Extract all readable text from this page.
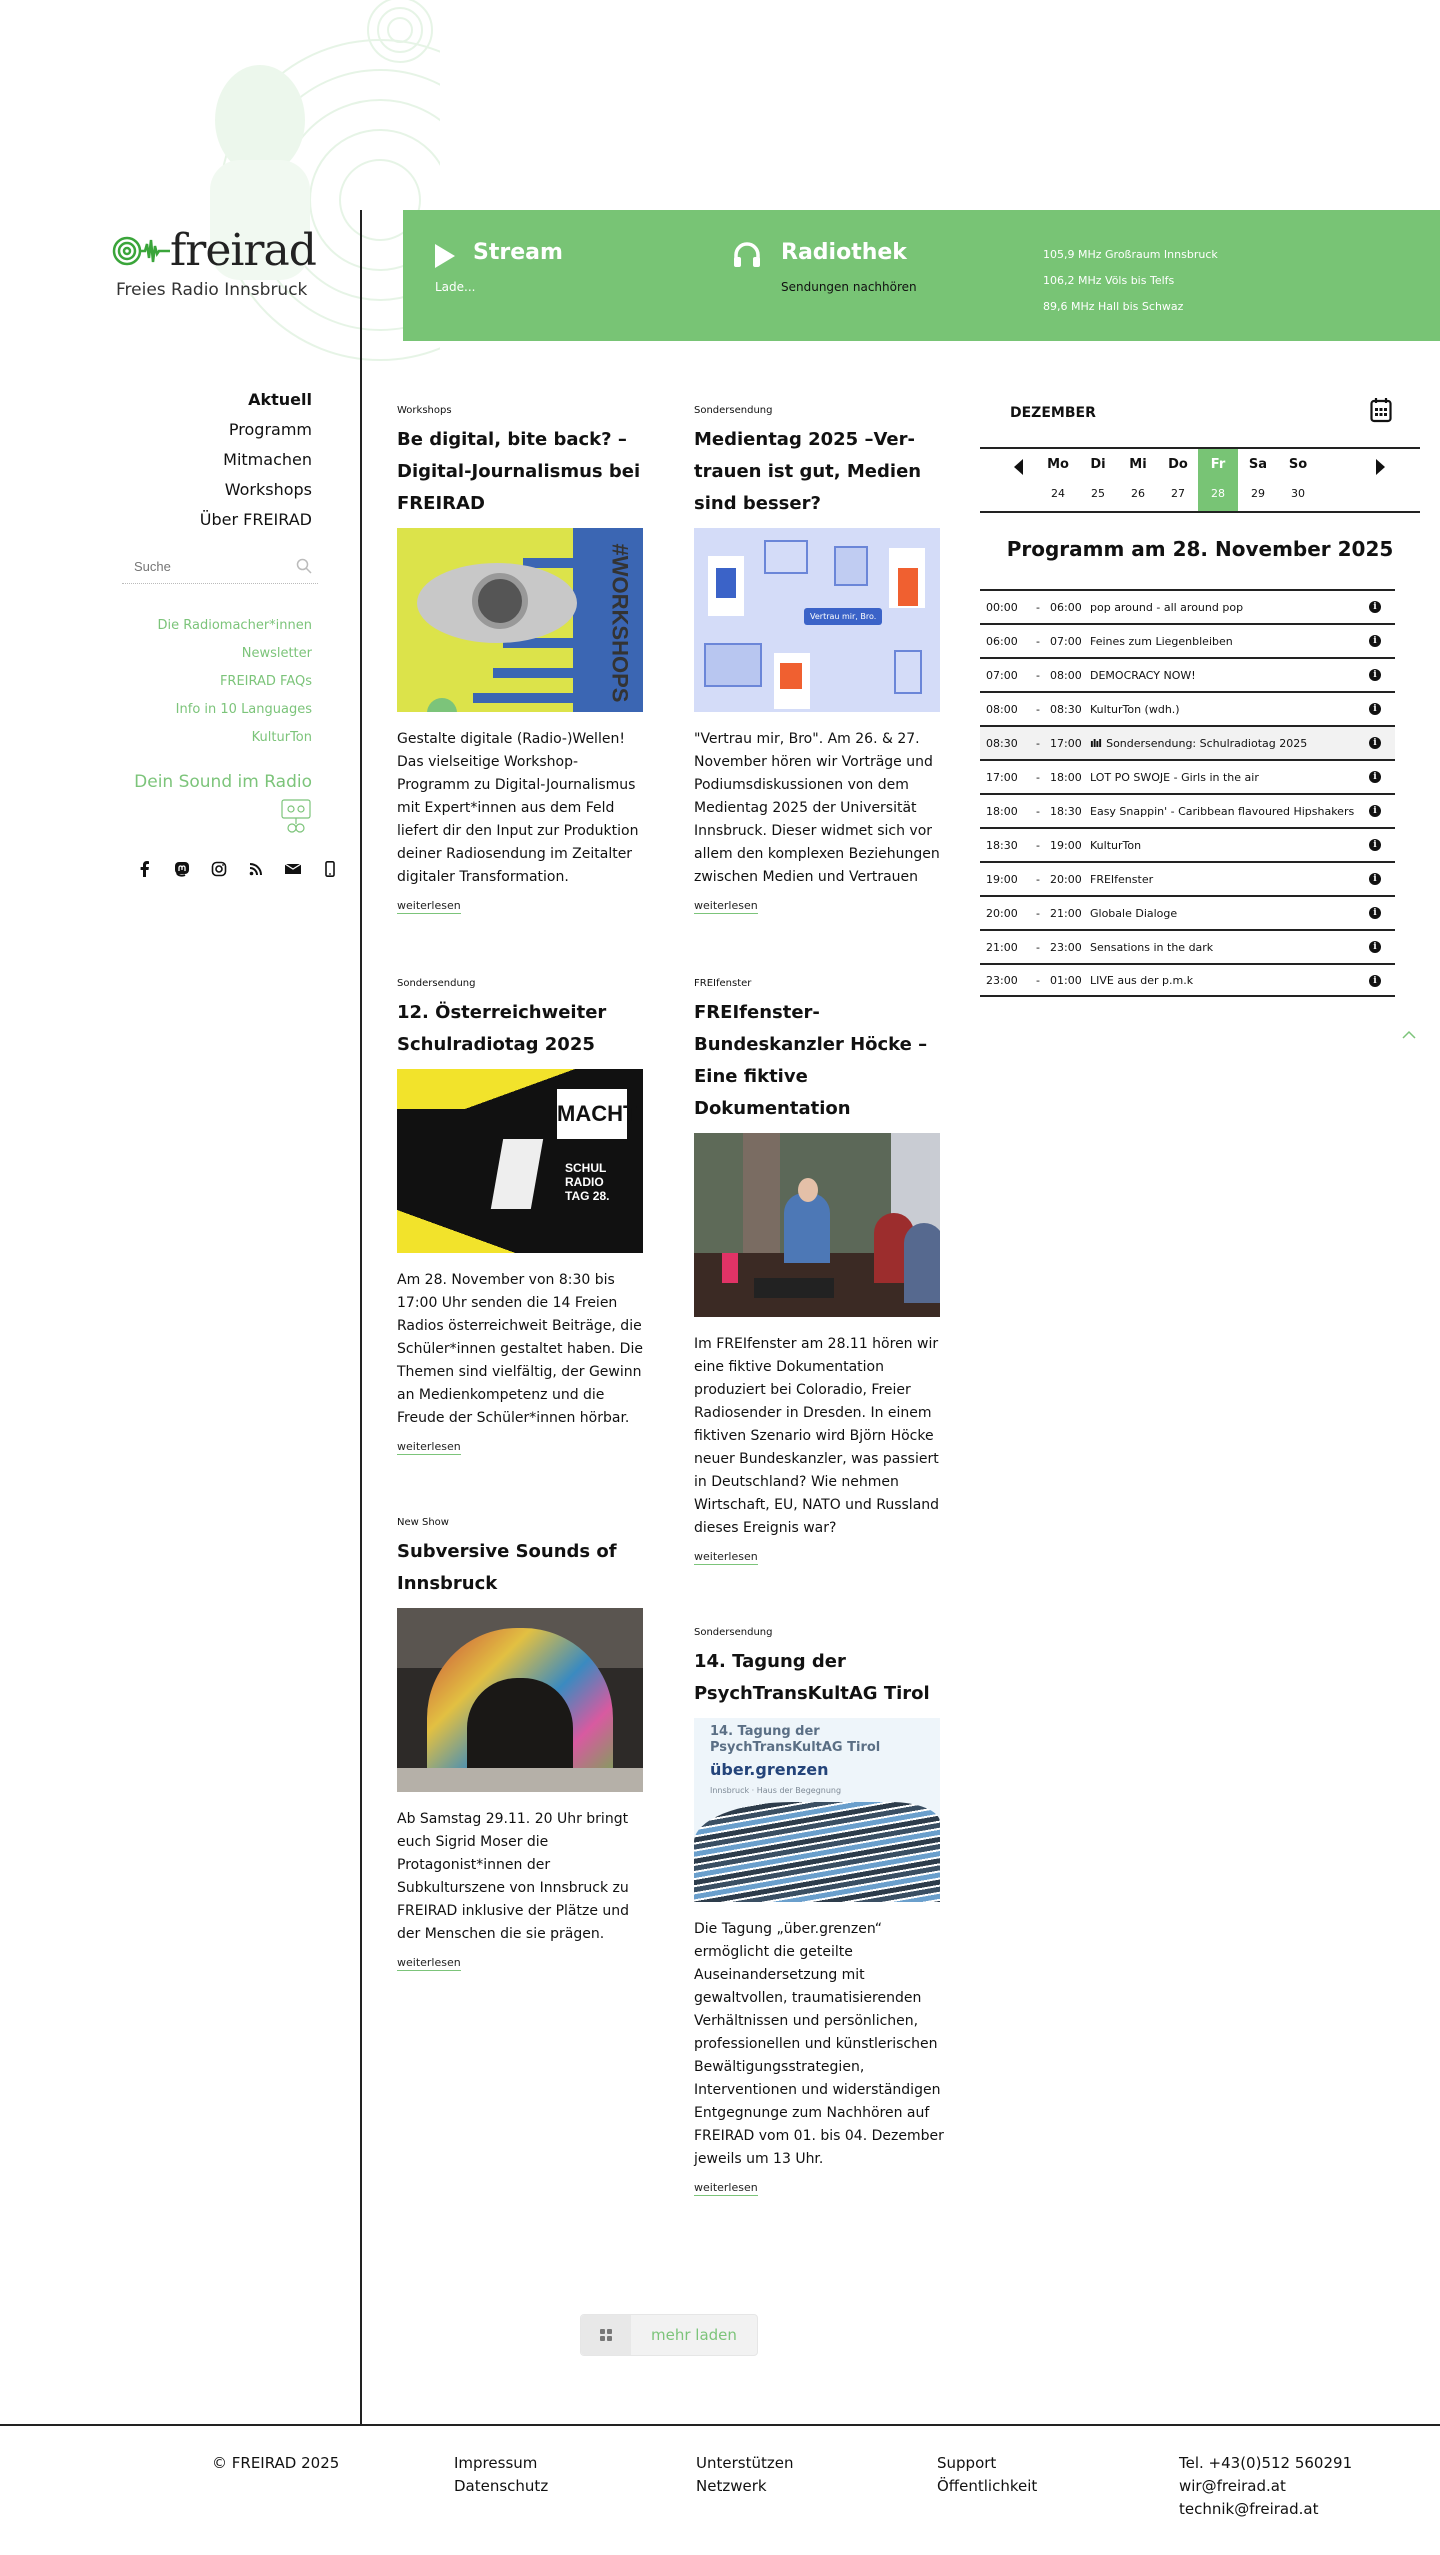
freirad
Freies Radio Innsbruck
Aktuell
Programm
Mitmachen
Workshops
Über FREIRAD
Suche
Die Radiomacher*innen
Newsletter
FREIRAD FAQs
Info in 10 Languages
KulturTon
Dein Sound im Radio
Stream
Lade...
Radiothek
Sendungen nachhören
105,9 MHz Großraum Innsbruck
106,2 MHz Völs bis Telfs
89,6 MHz Hall bis Schwaz
Workshops
Be digital, bite back? – Digital-Journalismus bei FREIRAD
#WORKSHOPS
Gestalte digitale (Radio-)Wellen! Das vielseitige Workshop-Programm zu Digital-Journalismus mit Expert*innen aus dem Feld liefert dir den Input zur Produktion deiner Radiosendung im Zeitalter digitaler Transformation.
weiterlesen
Sondersendung
Medientag 2025 –Vertrauen ist gut, Medien sind besser?
Vertrau mir, Bro.
"Vertrau mir, Bro". Am 26. & 27. November hören wir Vorträge und Podiumsdiskussionen von dem Medientag 2025 der Universität Innsbruck. Dieser widmet sich vor allem den komplexen Beziehungen zwischen Medien und Vertrauen
weiterlesen
Sondersendung
12. Österreichweiter Schulradiotag 2025
MACHT
SCHUL RADIO TAG 28.
Am 28. November von 8:30 bis 17:00 Uhr senden die 14 Freien Radios österreichweit Beiträge, die Schüler*innen gestaltet haben. Die Themen sind vielfältig, der Gewinn an Medienkompetenz und die Freude der Schüler*innen hörbar.
weiterlesen
FREIfenster
FREIfenster-Bundeskanzler Höcke – Eine fiktive Dokumentation
Im FREIfenster am 28.11 hören wir eine fiktive Dokumentation produziert bei Coloradio, Freier Radiosender in Dresden. In einem fiktiven Szenario wird Björn Höcke neuer Bundeskanzler, was passiert in Deutschland? Wie nehmen Wirtschaft, EU, NATO und Russland dieses Ereignis war?
weiterlesen
New Show
Subversive Sounds of Innsbruck
Ab Samstag 29.11. 20 Uhr bringt euch Sigrid Moser die Protagonist*innen der Subkulturszene von Innsbruck zu FREIRAD inklusive der Plätze und der Menschen die sie prägen.
weiterlesen
Sondersendung
14. Tagung der PsychTransKultAG Tirol
14. Tagung der PsychTransKultAG Tirol
über.grenzen
Innsbruck · Haus der Begegnung
Die Tagung „über.grenzen“ ermöglicht die geteilte Auseinandersetzung mit gewaltvollen, traumatisierenden Verhältnissen und persönlichen, professionellen und künstlerischen Bewältigungsstrategien, Interventionen und widerständigen Entgegnunge zum Nachhören auf FREIRAD vom 01. bis 04. Dezember jeweils um 13 Uhr.
weiterlesen
DEZEMBER
Mo
24
Di
25
Mi
26
Do
27
Fr
28
Sa
29
So
30
Programm am 28. November 2025
00:00	- 06:00 pop around - all around pop	i
06:00	- 07:00 Feines zum Liegenbleiben	i
07:00	- 08:00 DEMOCRACY NOW!	i
08:00	- 08:30 KulturTon (wdh.)	i
08:30	- 17:00 ılıl Sondersendung: Schulradiotag 2025	i
17:00	- 18:00 LOT PO SWOJE - Girls in the air	i
18:00	- 18:30 Easy Snappin' - Caribbean flavoured Hipshakers	i
18:30	- 19:00 KulturTon	i
19:00	- 20:00 FREIfenster	i
20:00	- 21:00 Globale Dialoge	i
21:00	- 23:00 Sensations in the dark	i
23:00	- 01:00 LIVE aus der p.m.k	i
mehr laden
© FREIRAD 2025	Impressum
Datenschutz
Unterstützen
Netzwerk
Support
Öffentlichkeit
Tel. +43(0)512 560291
wir@freirad.at
technik@freirad.at
